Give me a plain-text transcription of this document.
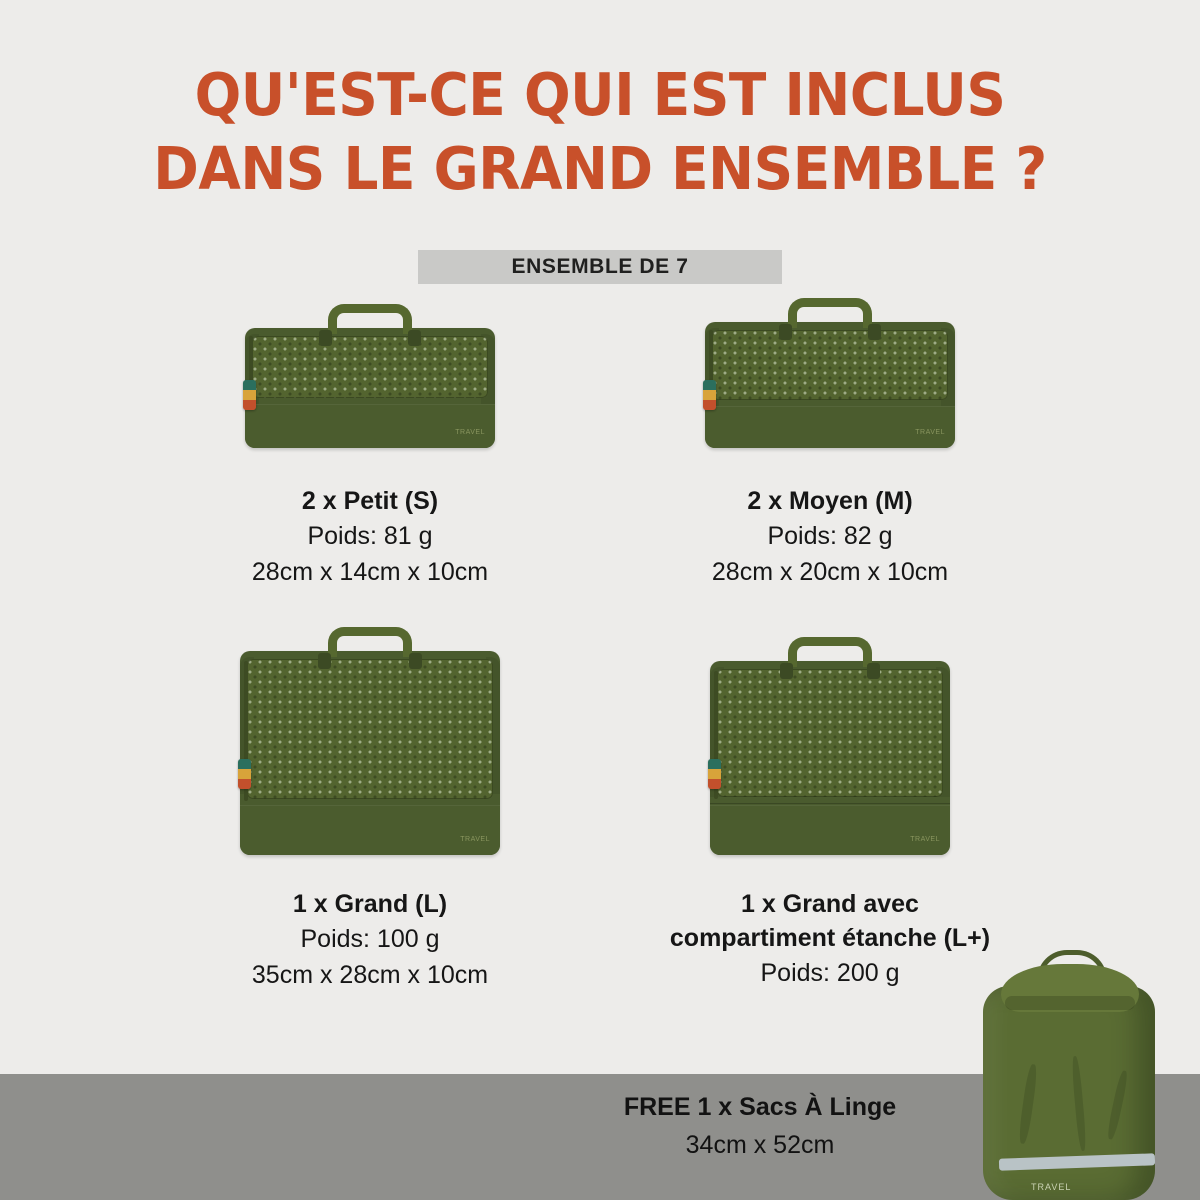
QU'EST-CE QUI EST INCLUS
DANS LE GRAND ENSEMBLE ?
ENSEMBLE DE 7
TRAVEL
2 x Petit (S)
Poids: 81 g
28cm x 14cm x 10cm
TRAVEL
2 x Moyen (M)
Poids: 82 g
28cm x 20cm x 10cm
TRAVEL
1 x Grand (L)
Poids: 100 g
35cm x 28cm x 10cm
TRAVEL
1 x Grand avec
compartiment étanche (L+)
Poids: 200 g
FREE 1 x Sacs À Linge
34cm x 52cm
TRAVEL
